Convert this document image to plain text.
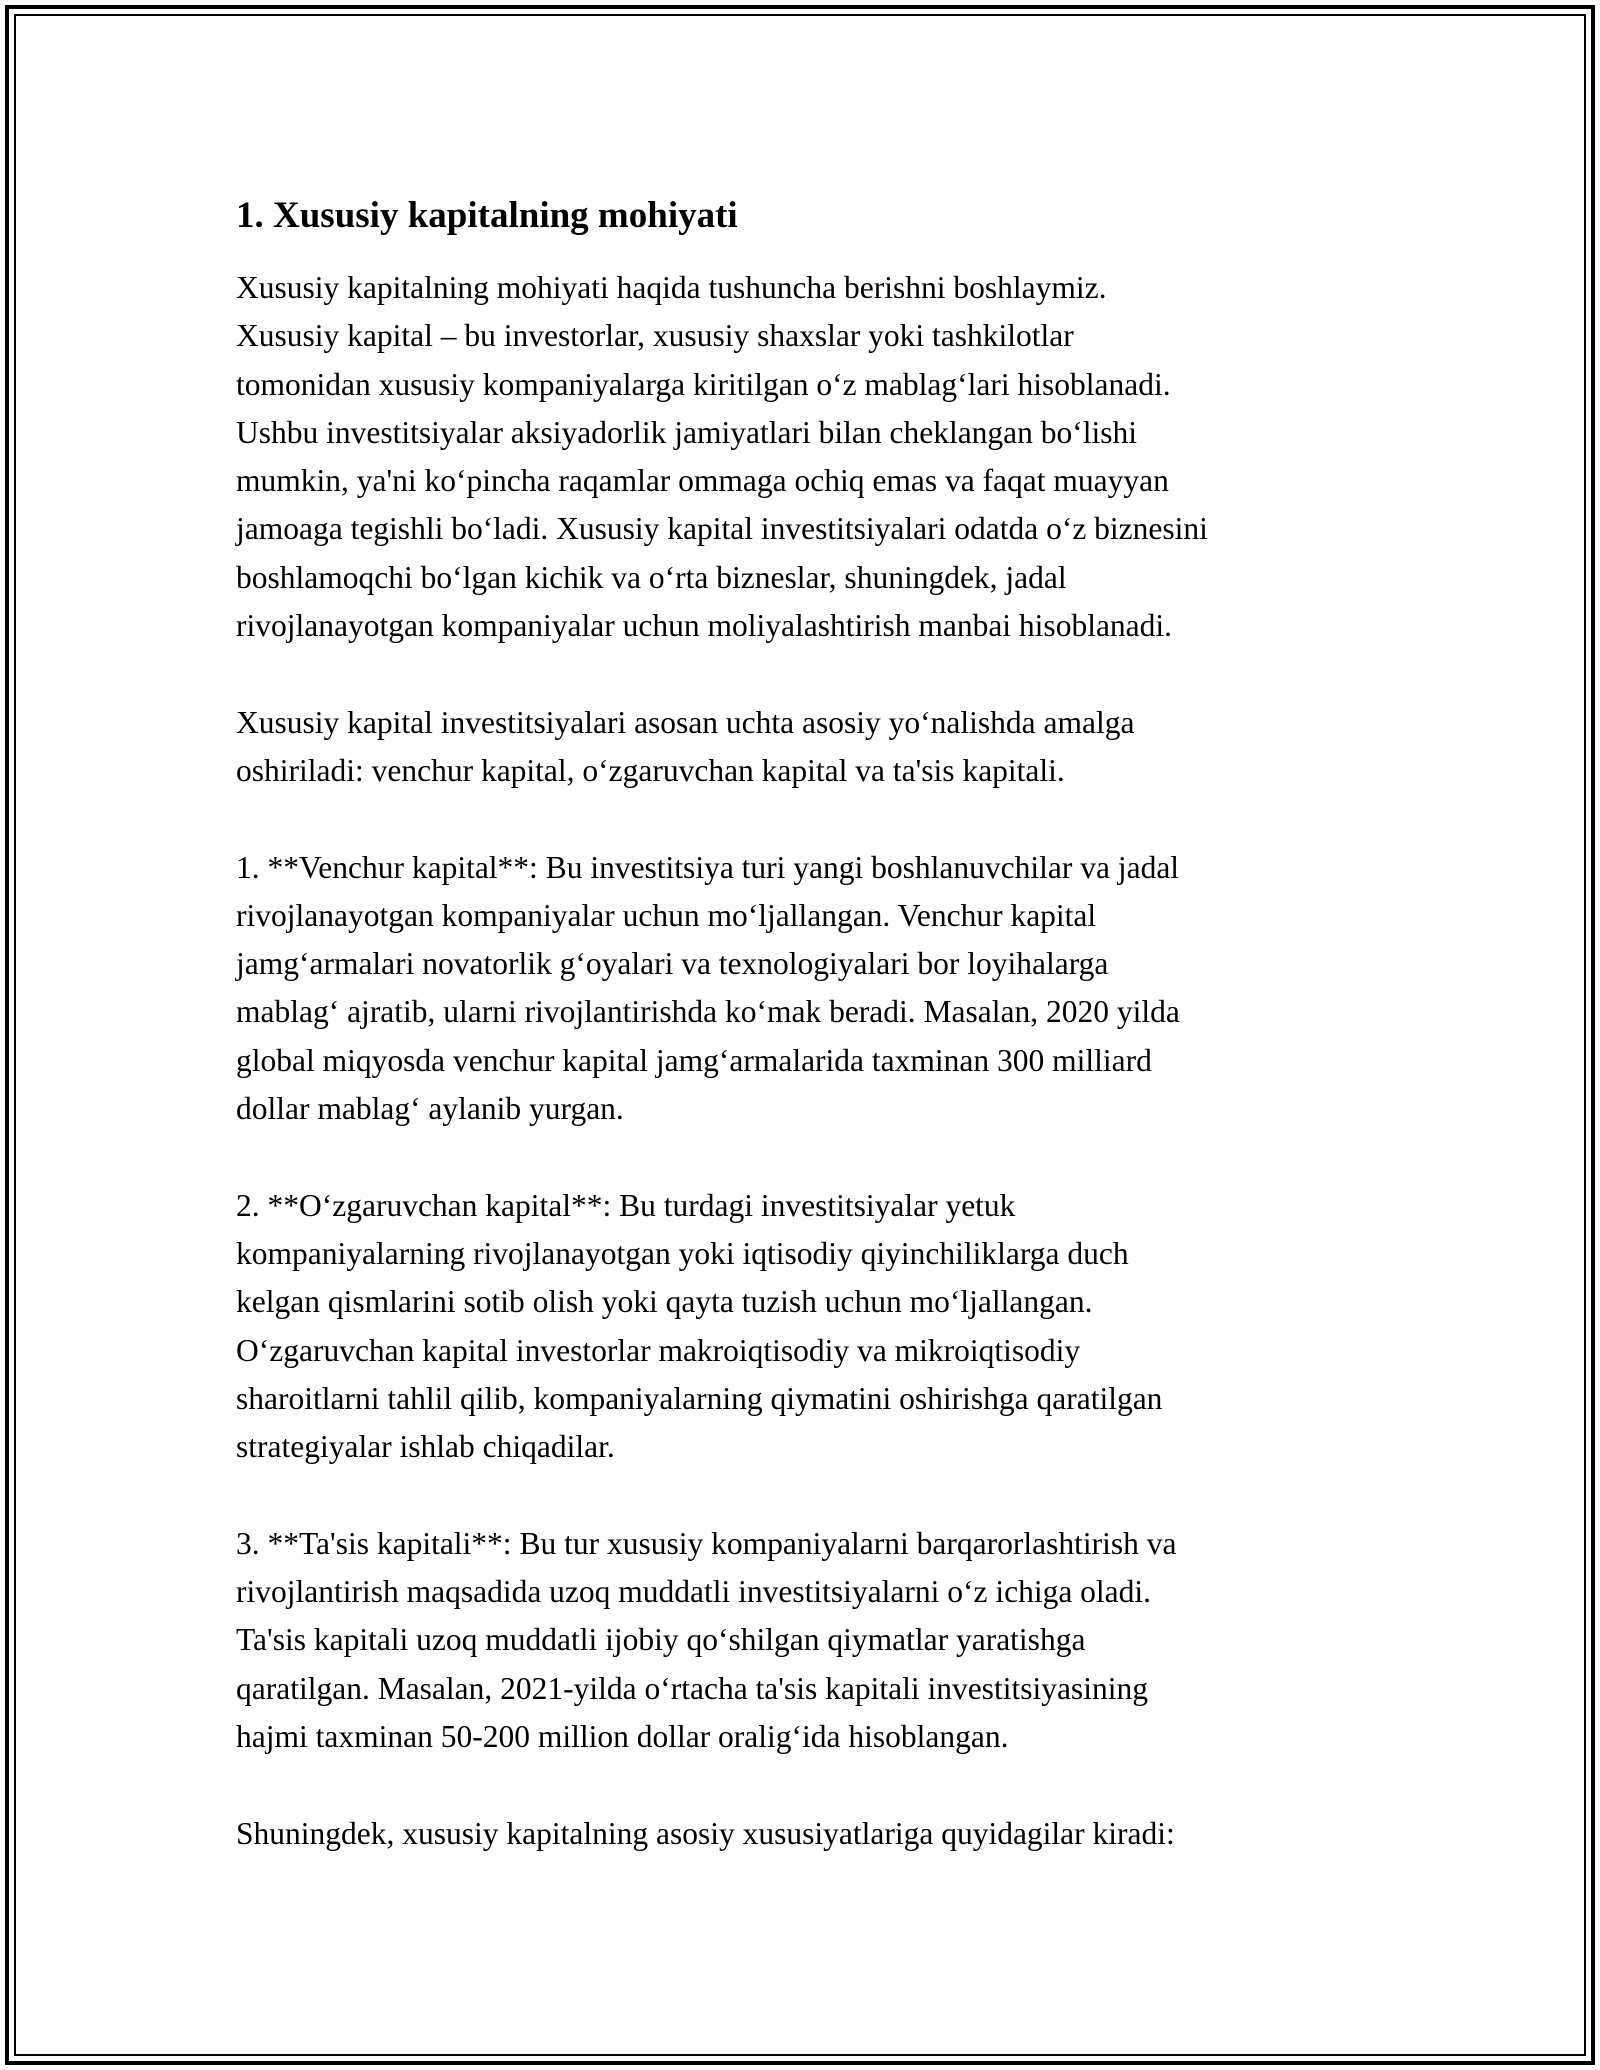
1. Xususiy kapitalning mohiyati

Xususiy kapitalning mohiyati haqida tushuncha berishni boshlaymiz.
Xususiy kapital – bu investorlar, xususiy shaxslar yoki tashkilotlar
tomonidan xususiy kompaniyalarga kiritilgan o‘z mablag‘lari hisoblanadi.
Ushbu investitsiyalar aksiyadorlik jamiyatlari bilan cheklangan bo‘lishi
mumkin, ya'ni ko‘pincha raqamlar ommaga ochiq emas va faqat muayyan
jamoaga tegishli bo‘ladi. Xususiy kapital investitsiyalari odatda o‘z biznesini
boshlamoqchi bo‘lgan kichik va o‘rta bizneslar, shuningdek, jadal
rivojlanayotgan kompaniyalar uchun moliyalashtirish manbai hisoblanadi.

Xususiy kapital investitsiyalari asosan uchta asosiy yo‘nalishda amalga
oshiriladi: venchur kapital, o‘zgaruvchan kapital va ta'sis kapitali.

1. **Venchur kapital**: Bu investitsiya turi yangi boshlanuvchilar va jadal
rivojlanayotgan kompaniyalar uchun mo‘ljallangan. Venchur kapital
jamg‘armalari novatorlik g‘oyalari va texnologiyalari bor loyihalarga
mablag‘ ajratib, ularni rivojlantirishda ko‘mak beradi. Masalan, 2020 yilda
global miqyosda venchur kapital jamg‘armalarida taxminan 300 milliard
dollar mablag‘ aylanib yurgan.

2. **O‘zgaruvchan kapital**: Bu turdagi investitsiyalar yetuk
kompaniyalarning rivojlanayotgan yoki iqtisodiy qiyinchiliklarga duch
kelgan qismlarini sotib olish yoki qayta tuzish uchun mo‘ljallangan.
O‘zgaruvchan kapital investorlar makroiqtisodiy va mikroiqtisodiy
sharoitlarni tahlil qilib, kompaniyalarning qiymatini oshirishga qaratilgan
strategiyalar ishlab chiqadilar.

3. **Ta'sis kapitali**: Bu tur xususiy kompaniyalarni barqarorlashtirish va
rivojlantirish maqsadida uzoq muddatli investitsiyalarni o‘z ichiga oladi.
Ta'sis kapitali uzoq muddatli ijobiy qo‘shilgan qiymatlar yaratishga
qaratilgan. Masalan, 2021-yilda o‘rtacha ta'sis kapitali investitsiyasining
hajmi taxminan 50-200 million dollar oralig‘ida hisoblangan.

Shuningdek, xususiy kapitalning asosiy xususiyatlariga quyidagilar kiradi:
